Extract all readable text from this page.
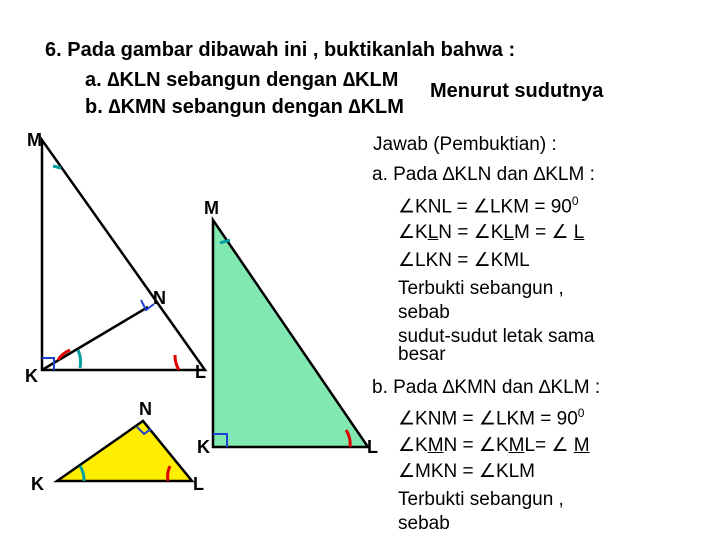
6. Pada gambar dibawah ini , buktikanlah bahwa :
a. ∆KLN sebangun dengan ∆KLM
b. ∆KMN sebangun dengan ∆KLM
Menurut sudutnya
M
N
K	L
M
K	L
N
K	L
Jawab (Pembuktian) :
a. Pada ∆KLN dan ∆KLM :
∠KNL = ∠LKM = $90^0$
∠KLN = ∠KLM = ∠ L
∠LKN = ∠KML
Terbukti sebangun ,
sebab
sudut-sudut letak sama
besar
b. Pada ∆KMN dan ∆KLM :
∠KNM = ∠LKM = $90^0$
∠KMN = ∠KML= ∠ M
∠MKN = ∠KLM
Terbukti sebangun ,
sebab
